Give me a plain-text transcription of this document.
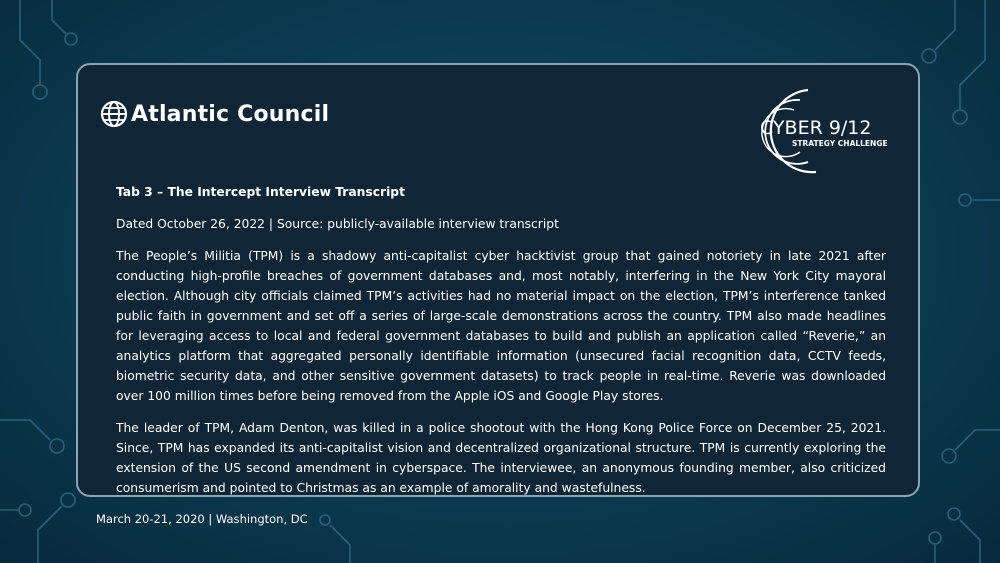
Atlantic Council
CYBER 9/12
STRATEGY CHALLENGE

Tab 3 – The Intercept Interview Transcript

Dated October 26, 2022 | Source: publicly-available interview transcript

The People’s Militia (TPM) is a shadowy anti-capitalist cyber hacktivist group that gained notoriety in late 2021 after conducting high-profile breaches of government databases and, most notably, interfering in the New York City mayoral election. Although city officials claimed TPM’s activities had no material impact on the election, TPM’s interference tanked public faith in government and set off a series of large-scale demonstrations across the country. TPM also made headlines for leveraging access to local and federal government databases to build and publish an application called “Reverie,” an analytics platform that aggregated personally identifiable information (unsecured facial recognition data, CCTV feeds, biometric security data, and other sensitive government datasets) to track people in real-time. Reverie was downloaded over 100 million times before being removed from the Apple iOS and Google Play stores.

The leader of TPM, Adam Denton, was killed in a police shootout with the Hong Kong Police Force on December 25, 2021. Since, TPM has expanded its anti-capitalist vision and decentralized organizational structure. TPM is currently exploring the extension of the US second amendment in cyberspace. The interviewee, an anonymous founding member, also criticized consumerism and pointed to Christmas as an example of amorality and wastefulness.

March 20-21, 2020 | Washington, DC
